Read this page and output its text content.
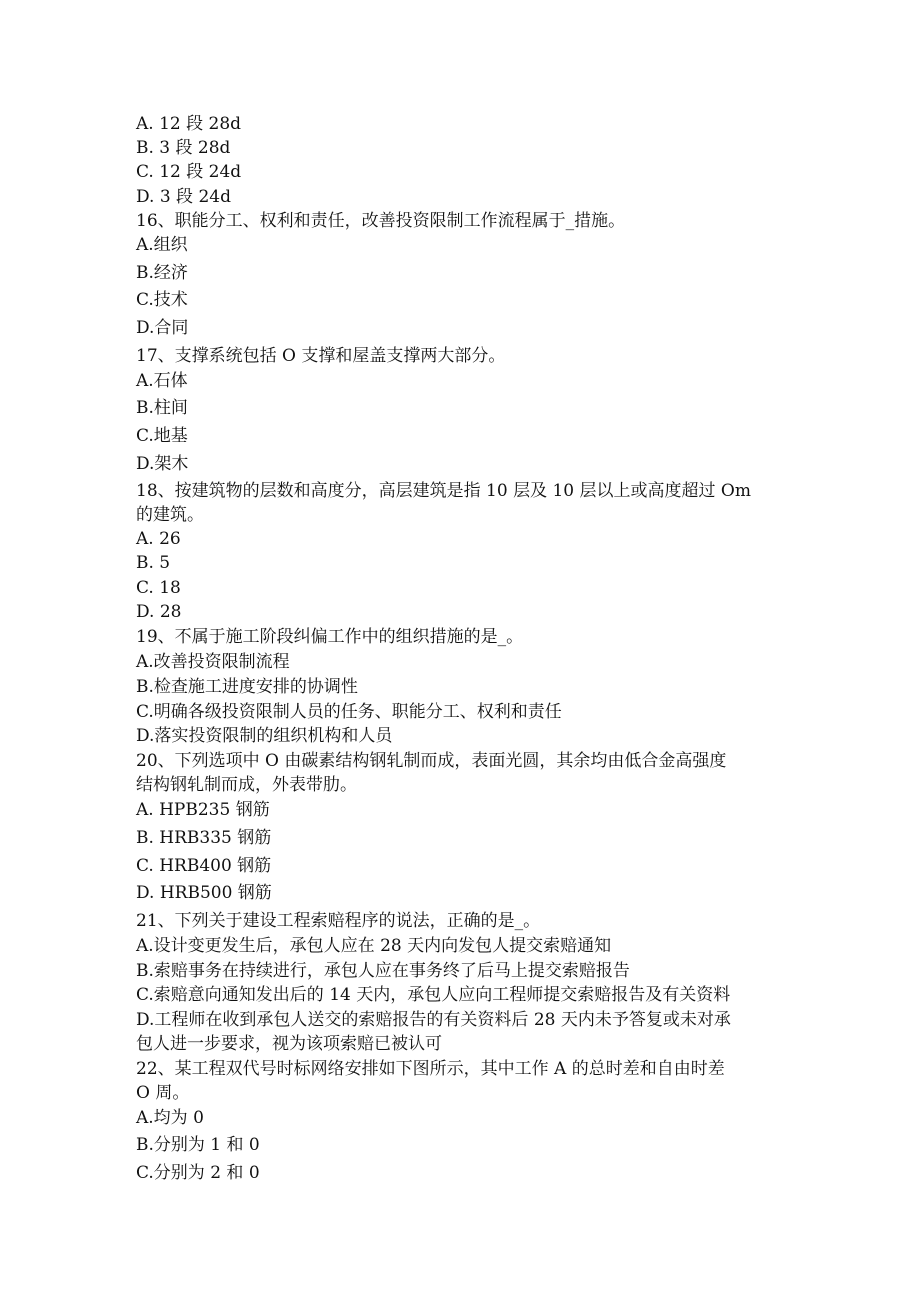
A. 12 段 28d
B. 3 段 28d
C. 12 段 24d
D. 3 段 24d
16、职能分工、权利和责任，改善投资限制工作流程属于_措施。
A.组织
B.经济
C.技术
D.合同
17、支撑系统包括 O 支撑和屋盖支撑两大部分。
A.石体
B.柱间
C.地基
D.架木
18、按建筑物的层数和高度分，高层建筑是指 10 层及 10 层以上或高度超过 Om
的建筑。
A. 26
B. 5
C. 18
D. 28
19、不属于施工阶段纠偏工作中的组织措施的是_。
A.改善投资限制流程
B.检查施工进度安排的协调性
C.明确各级投资限制人员的任务、职能分工、权利和责任
D.落实投资限制的组织机构和人员
20、下列选项中 O 由碳素结构钢轧制而成，表面光圆，其余均由低合金高强度
结构钢轧制而成，外表带肋。
A. HPB235 钢筋
B. HRB335 钢筋
C. HRB400 钢筋
D. HRB500 钢筋
21、下列关于建设工程索赔程序的说法，正确的是_。
A.设计变更发生后，承包人应在 28 天内向发包人提交索赔通知
B.索赔事务在持续进行，承包人应在事务终了后马上提交索赔报告
C.索赔意向通知发出后的 14 天内，承包人应向工程师提交索赔报告及有关资料
D.工程师在收到承包人送交的索赔报告的有关资料后 28 天内未予答复或未对承
包人进一步要求，视为该项索赔已被认可
22、某工程双代号时标网络安排如下图所示，其中工作 A 的总时差和自由时差
O 周。
A.均为 0
B.分别为 1 和 0
C.分别为 2 和 0
